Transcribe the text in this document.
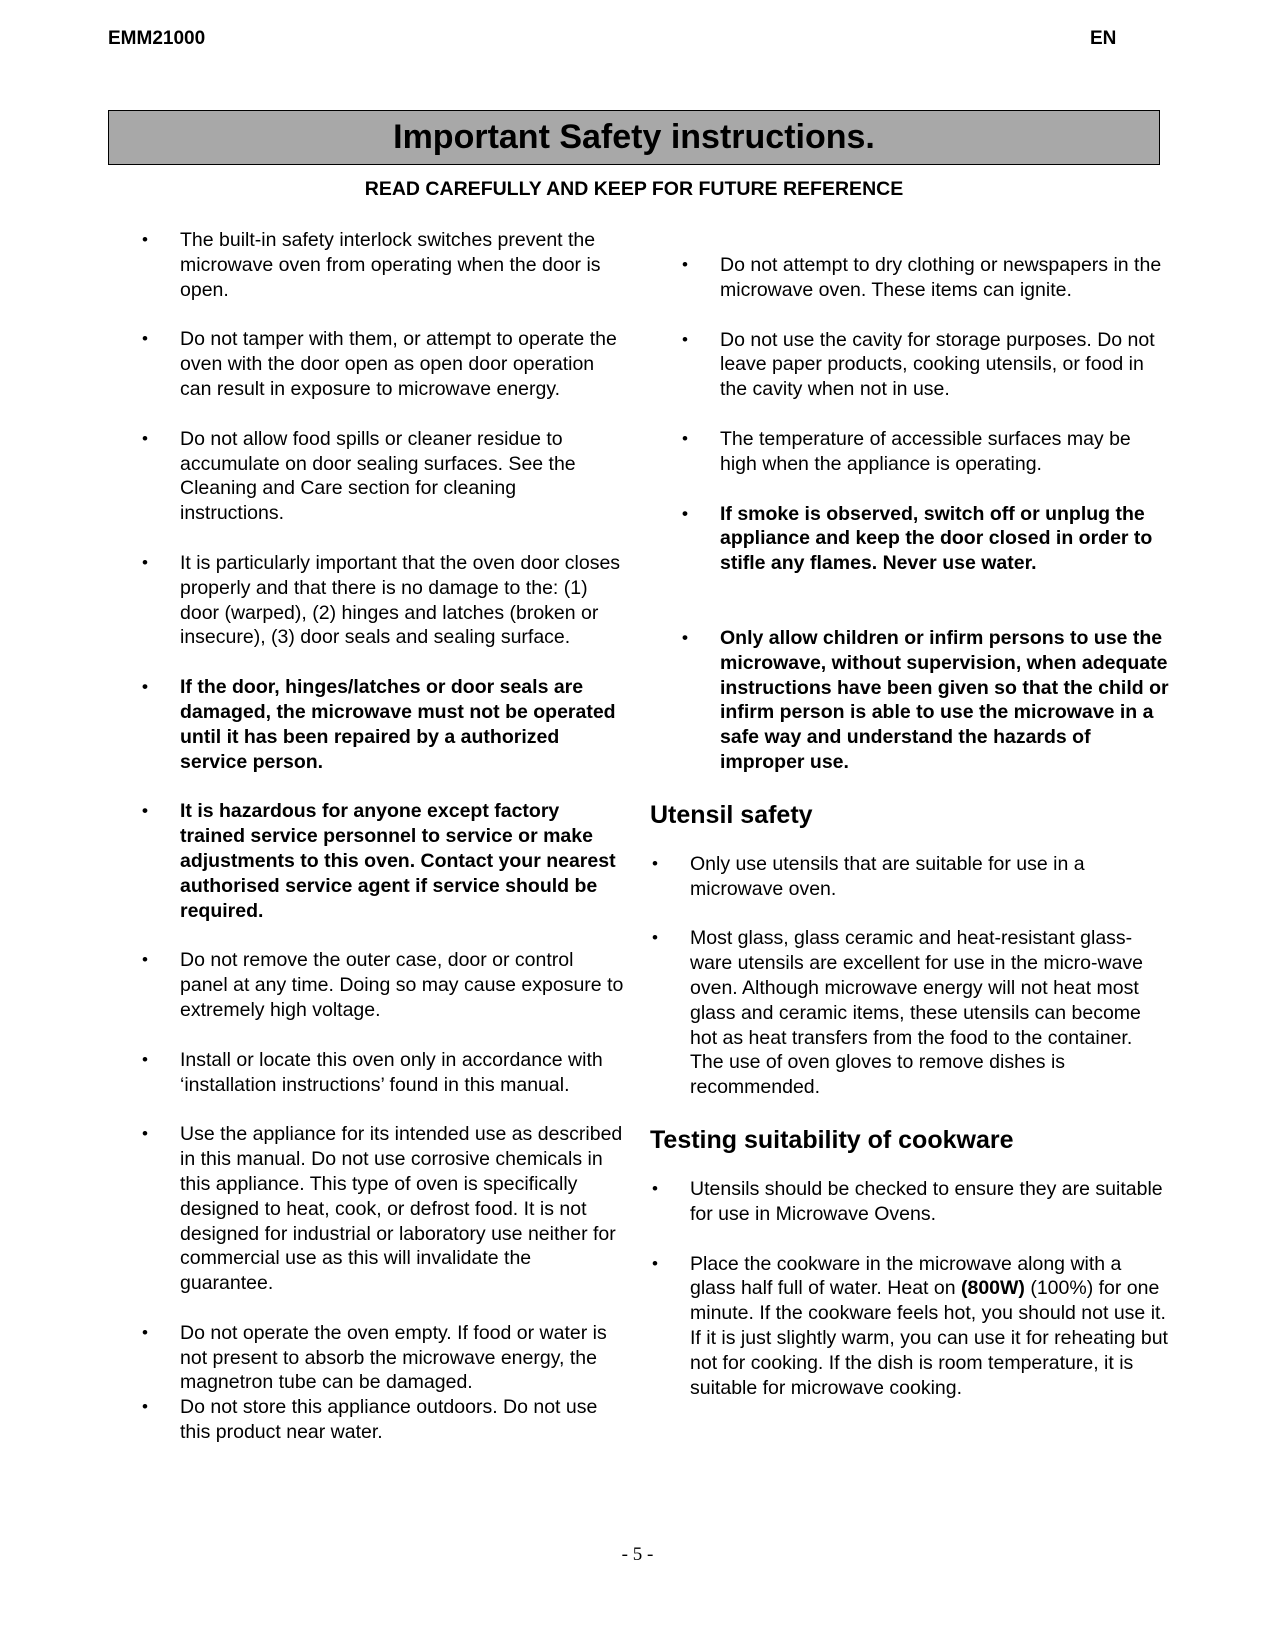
EMM21000	EN
Important Safety instructions.
READ CAREFULLY AND KEEP FOR FUTURE REFERENCE
• The built-in safety interlock switches prevent the microwave oven from operating when the door is open.
• Do not tamper with them, or attempt to operate the oven with the door open as open door operation can result in exposure to microwave energy.
• Do not allow food spills or cleaner residue to accumulate on door sealing surfaces. See the Cleaning and Care section for cleaning instructions.
• It is particularly important that the oven door closes properly and that there is no damage to the: (1) door (warped), (2) hinges and latches (broken or insecure), (3) door seals and sealing surface.
• If the door, hinges/latches or door seals are damaged, the microwave must not be operated until it has been repaired by a authorized service person.
• It is hazardous for anyone except factory trained service personnel to service or make adjustments to this oven. Contact your nearest authorised service agent if service should be required.
• Do not remove the outer case, door or control panel at any time. Doing so may cause exposure to extremely high voltage.
• Install or locate this oven only in accordance with ‘installation instructions’ found in this manual.
• Use the appliance for its intended use as described in this manual. Do not use corrosive chemicals in this appliance. This type of oven is specifically designed to heat, cook, or defrost food. It is not designed for industrial or laboratory use neither for commercial use as this will invalidate the guarantee.
• Do not operate the oven empty. If food or water is not present to absorb the microwave energy, the magnetron tube can be damaged.
• Do not store this appliance outdoors. Do not use this product near water.
• Do not attempt to dry clothing or newspapers in the microwave oven. These items can ignite.
• Do not use the cavity for storage purposes. Do not leave paper products, cooking utensils, or food in the cavity when not in use.
• The temperature of accessible surfaces may be high when the appliance is operating.
• If smoke is observed, switch off or unplug the appliance and keep the door closed in order to stifle any flames. Never use water.
• Only allow children or infirm persons to use the microwave, without supervision, when adequate instructions have been given so that the child or infirm person is able to use the microwave in a safe way and understand the hazards of improper use.
Utensil safety
• Only use utensils that are suitable for use in a microwave oven.
• Most glass, glass ceramic and heat-resistant glass-ware utensils are excellent for use in the micro-wave oven. Although microwave energy will not heat most glass and ceramic items, these utensils can become hot as heat transfers from the food to the container. The use of oven gloves to remove dishes is recommended.
Testing suitability of cookware
• Utensils should be checked to ensure they are suitable for use in Microwave Ovens.
• Place the cookware in the microwave along with a glass half full of water. Heat on (800W) (100%) for one minute. If the cookware feels hot, you should not use it. If it is just slightly warm, you can use it for reheating but not for cooking. If the dish is room temperature, it is suitable for microwave cooking.
- 5 -
